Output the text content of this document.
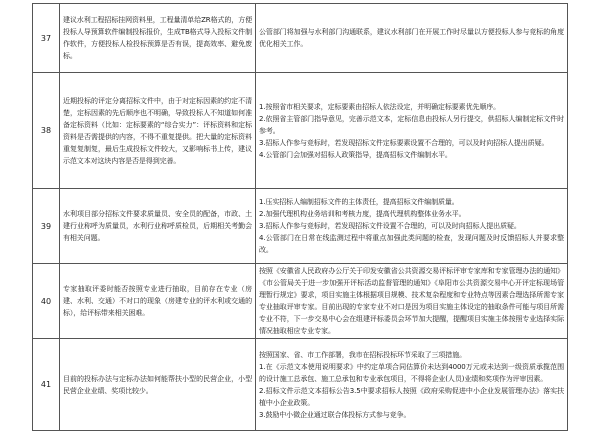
37	建议水利工程招标挂网资料里，工程量清单给ZR格式的，方便投标人导预算软件编制投标报价，生成TB格式导入投标文件制作软件，方便投标人检投标预算是否有误，提高效率、避免废标。	公管部门将加强与水利部门沟通联系，建议水利部门在开展工作时尽量以方便投标人参与竞标的角度优化相关工作。

38	近期投标的评定分离招标文件中，由于对定标因素的约定不清楚，定标因素的先后顺序也不明确，导致投标人不知道如何准备定标资料（比如：定标要素的“综合实力”：评标资料和定标资料是否需提供的内容，不得不重复提供。把大量的定标资料重复复制复，最后生成投标文件较大，又影响标书上传，建议示范文本对这块内容是否是得到完善。	1.按照省市相关要求，定标要素由招标人依法设定，并明确定标要素优先顺序。

2.依照省主管部门指导意见，完善示范文本，定标信息由投标人另行提交，供招标人编制定标文件时参考。

3.招标人作参与竞标时，若发现招标文件定标要素设置不合理的，可以及时向招标人提出质疑。

4.公管部门会加强对招标人政策指导，提高招标文件编制水平。

39	水利项目部分招标文件要求质量员、安全员的配备，市政、土建行业称呼为质量员，水利行业称呼质检员，后期相关考勤会有相关问题。	1.压实招标人编制招标文件的主体责任，提高招标文件编制质量。

2.加强代理机构业务培训和考核力度，提高代理机构整体业务水平。

3.招标人作参与竞标时，若发现招标文件设置不合理的，可以及时向招标人提出质疑。

4.公管部门在日常在线监测过程中将重点加强此类问题的检查，发现问题及时反馈招标人并要求整改。

40	专家抽取评委时能否按照专业进行抽取，目前存在专业（房建、水利、交通）不对口的现象（房建专业的评水利或交通的标），给评标带来相关困难。	按照《安徽省人民政府办公厅关于印发安徽省公共资源交易评标评审专家库和专家管理办法的通知》《市公管局关于进一步加强开评标活动监督管理的通知》《阜阳市公共资源交易中心开评定标现场管理暂行规定》要求，项目实施主体根据项目规模、技术复杂程度和专业特点等因素合理选择所需专家专业抽取评审专家。目前出现的专家专业不对口是因为项目实施主体设定的抽取条件可能与项目所需专业不符，下一步交易中心会在组建评标委员会环节加大提醒，提醒项目实施主体按照专业选择实际情况抽取相应专业专家。

41	目前的投标办法与定标办法如何能帮扶小型的民营企业，小型民营企业业绩、奖项比较少。	按照国家、省、市工作部署，我市在招标投标环节采取了三项措施。

1.在《示范文本使用说明要求》中约定单项合同估算价未达到4000万元或未达到一级资质承揽范围的设计施工总承包、施工总承包和专业承包项目，不得将企业(人员)业绩和奖项作为评审因素。

2.招标文件示范文本招标公告3.5中要求招标人按照《政府采购促进中小企业发展管理办法》落实扶植中小企业政策。

3.鼓励中小微企业通过联合体投标方式参与竞争。
